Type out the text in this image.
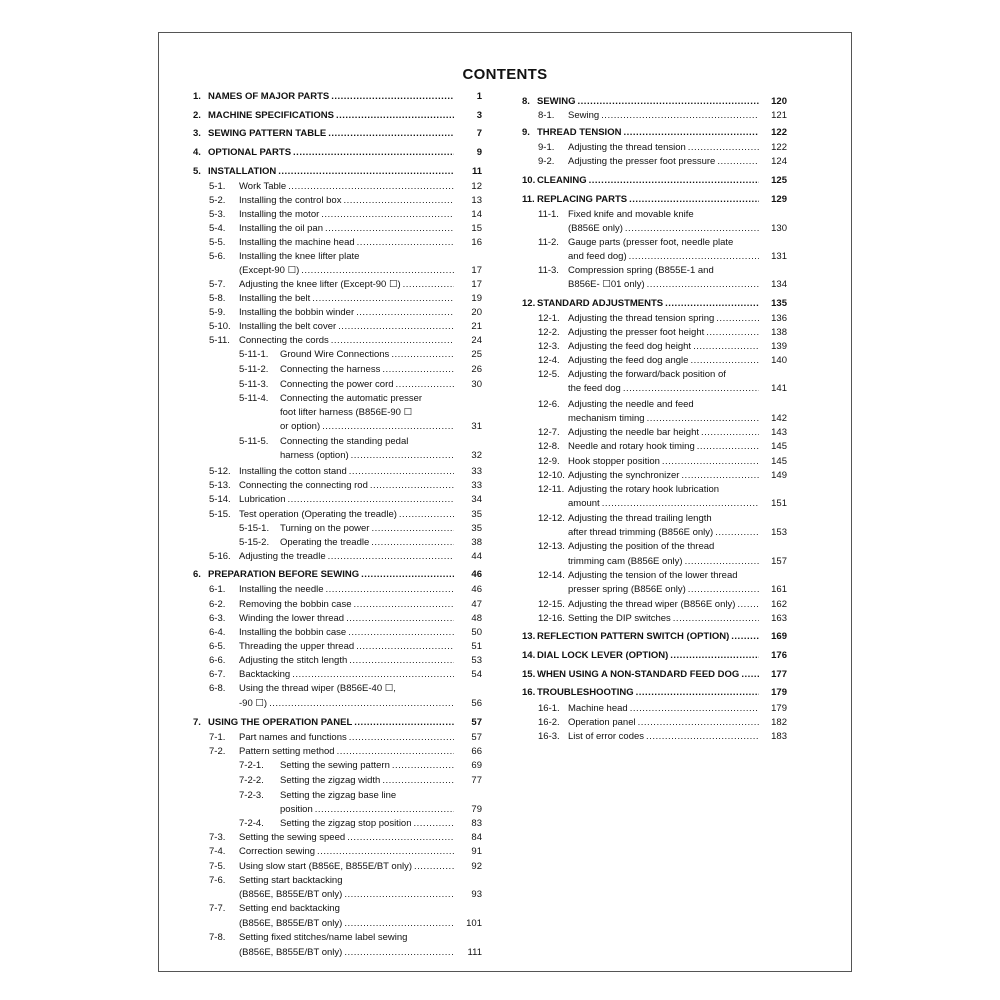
CONTENTS
1. NAMES OF MAJOR PARTS .....	1
2. MACHINE SPECIFICATIONS .....	3
3. SEWING PATTERN TABLE .....	7
4. OPTIONAL PARTS .....	9
5. INSTALLATION .....	11
5-1. Work Table .....	12
5-2. Installing the control box .....	13
5-3. Installing the motor .....	14
5-4. Installing the oil pan .....	15
5-5. Installing the machine head .....	16
5-6. Installing the knee lifter plate
(Except-90 ☐) .....	17
5-7. Adjusting the knee lifter (Except-90 ☐) .....	17
5-8. Installing the belt .....	19
5-9. Installing the bobbin winder .....	20
5-10. Installing the belt cover .....	21
5-11. Connecting the cords .....	24
5-11-1. Ground Wire Connections .....	25
5-11-2. Connecting the harness .....	26
5-11-3. Connecting the power cord .....	30
5-11-4. Connecting the automatic presser
foot lifter harness (B856E-90 ☐
or option) .....	31
5-11-5. Connecting the standing pedal
harness (option) .....	32
5-12. Installing the cotton stand .....	33
5-13. Connecting the connecting rod .....	33
5-14. Lubrication .....	34
5-15. Test operation (Operating the treadle) .....	35
5-15-1. Turning on the power .....	35
5-15-2. Operating the treadle .....	38
5-16. Adjusting the treadle .....	44
6. PREPARATION BEFORE SEWING .....	46
6-1. Installing the needle .....	46
6-2. Removing the bobbin case .....	47
6-3. Winding the lower thread .....	48
6-4. Installing the bobbin case .....	50
6-5. Threading the upper thread .....	51
6-6. Adjusting the stitch length .....	53
6-7. Backtacking .....	54
6-8. Using the thread wiper (B856E-40 ☐,
-90 ☐) .....	56
7. USING THE OPERATION PANEL .....	57
7-1. Part names and functions .....	57
7-2. Pattern setting method .....	66
7-2-1. Setting the sewing pattern .....	69
7-2-2. Setting the zigzag width .....	77
7-2-3. Setting the zigzag base line
position .....	79
7-2-4. Setting the zigzag stop position .....	83
7-3. Setting the sewing speed .....	84
7-4. Correction sewing .....	91
7-5. Using slow start (B856E, B855E/BT only) .....	92
7-6. Setting start backtacking
(B856E, B855E/BT only) .....	93
7-7. Setting end backtacking
(B856E, B855E/BT only) .....	101
7-8. Setting fixed stitches/name label sewing
(B856E, B855E/BT only) .....	111
8. SEWING .....	120
8-1. Sewing .....	121
9. THREAD TENSION .....	122
9-1. Adjusting the thread tension .....	122
9-2. Adjusting the presser foot pressure .....	124
10. CLEANING .....	125
11. REPLACING PARTS .....	129
11-1. Fixed knife and movable knife
(B856E only) .....	130
11-2. Gauge parts (presser foot, needle plate
and feed dog) .....	131
11-3. Compression spring (B855E-1 and
B856E- ☐01 only) .....	134
12. STANDARD ADJUSTMENTS .....	135
12-1. Adjusting the thread tension spring .....	136
12-2. Adjusting the presser foot height .....	138
12-3. Adjusting the feed dog height .....	139
12-4. Adjusting the feed dog angle .....	140
12-5. Adjusting the forward/back position of
the feed dog .....	141
12-6. Adjusting the needle and feed
mechanism timing .....	142
12-7. Adjusting the needle bar height .....	143
12-8. Needle and rotary hook timing .....	145
12-9. Hook stopper position .....	145
12-10. Adjusting the synchronizer .....	149
12-11. Adjusting the rotary hook lubrication
amount .....	151
12-12. Adjusting the thread trailing length
after thread trimming (B856E only) .....	153
12-13. Adjusting the position of the thread
trimming cam (B856E only) .....	157
12-14. Adjusting the tension of the lower thread
presser spring (B856E only) .....	161
12-15. Adjusting the thread wiper (B856E only) .....	162
12-16. Setting the DIP switches .....	163
13. REFLECTION PATTERN SWITCH (OPTION) .....	169
14. DIAL LOCK LEVER (OPTION) .....	176
15. WHEN USING A NON-STANDARD FEED DOG .....	177
16. TROUBLESHOOTING .....	179
16-1. Machine head .....	179
16-2. Operation panel .....	182
16-3. List of error codes .....	183
